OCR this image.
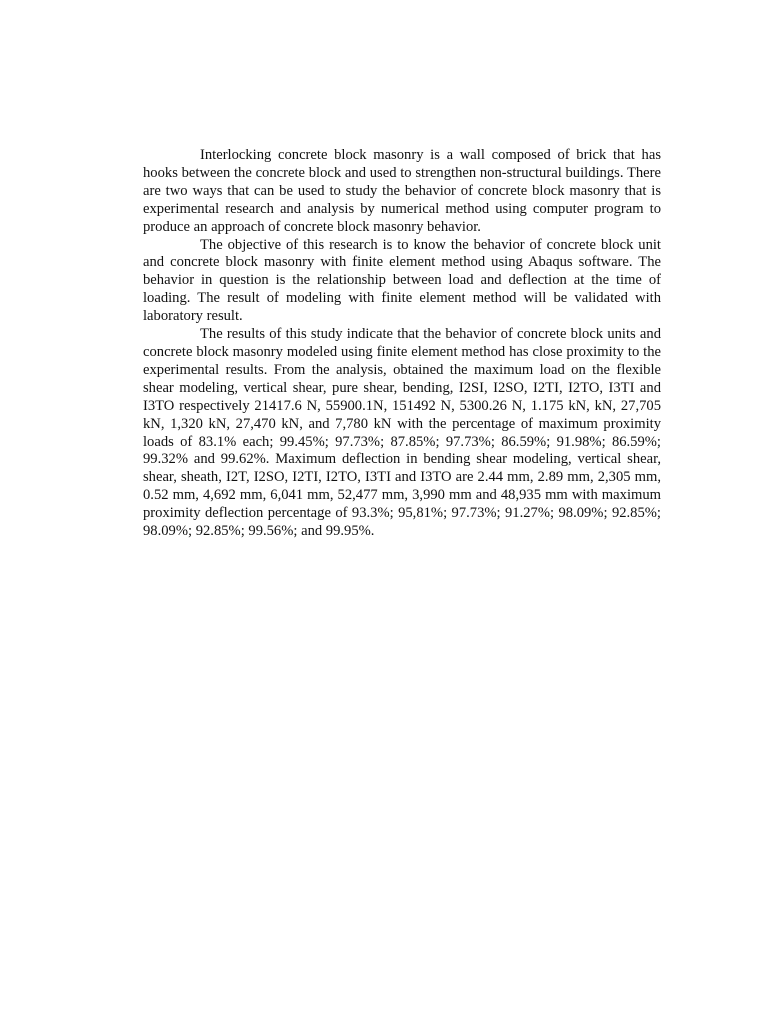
Interlocking concrete block masonry is a wall composed of brick that has hooks between the concrete block and used to strengthen non-structural buildings. There are two ways that can be used to study the behavior of concrete block masonry that is experimental research and analysis by numerical method using computer program to produce an approach of concrete block masonry behavior.

The objective of this research is to know the behavior of concrete block unit and concrete block masonry with finite element method using Abaqus software. The behavior in question is the relationship between load and deflection at the time of loading. The result of modeling with finite element method will be validated with laboratory result.

The results of this study indicate that the behavior of concrete block units and concrete block masonry modeled using finite element method has close proximity to the experimental results. From the analysis, obtained the maximum load on the flexible shear modeling, vertical shear, pure shear, bending, I2SI, I2SO, I2TI, I2TO, I3TI and I3TO respectively 21417.6 N, 55900.1N, 151492 N, 5300.26 N, 1.175 kN, kN, 27,705 kN, 1,320 kN, 27,470 kN, and 7,780 kN with the percentage of maximum proximity loads of 83.1% each; 99.45%; 97.73%; 87.85%; 97.73%; 86.59%; 91.98%; 86.59%; 99.32% and 99.62%. Maximum deflection in bending shear modeling, vertical shear, shear, sheath, I2T, I2SO, I2TI, I2TO, I3TI and I3TO are 2.44 mm, 2.89 mm, 2,305 mm, 0.52 mm, 4,692 mm, 6,041 mm, 52,477 mm, 3,990 mm and 48,935 mm with maximum proximity deflection percentage of 93.3%; 95,81%; 97.73%; 91.27%; 98.09%; 92.85%; 98.09%; 92.85%; 99.56%; and 99.95%.
